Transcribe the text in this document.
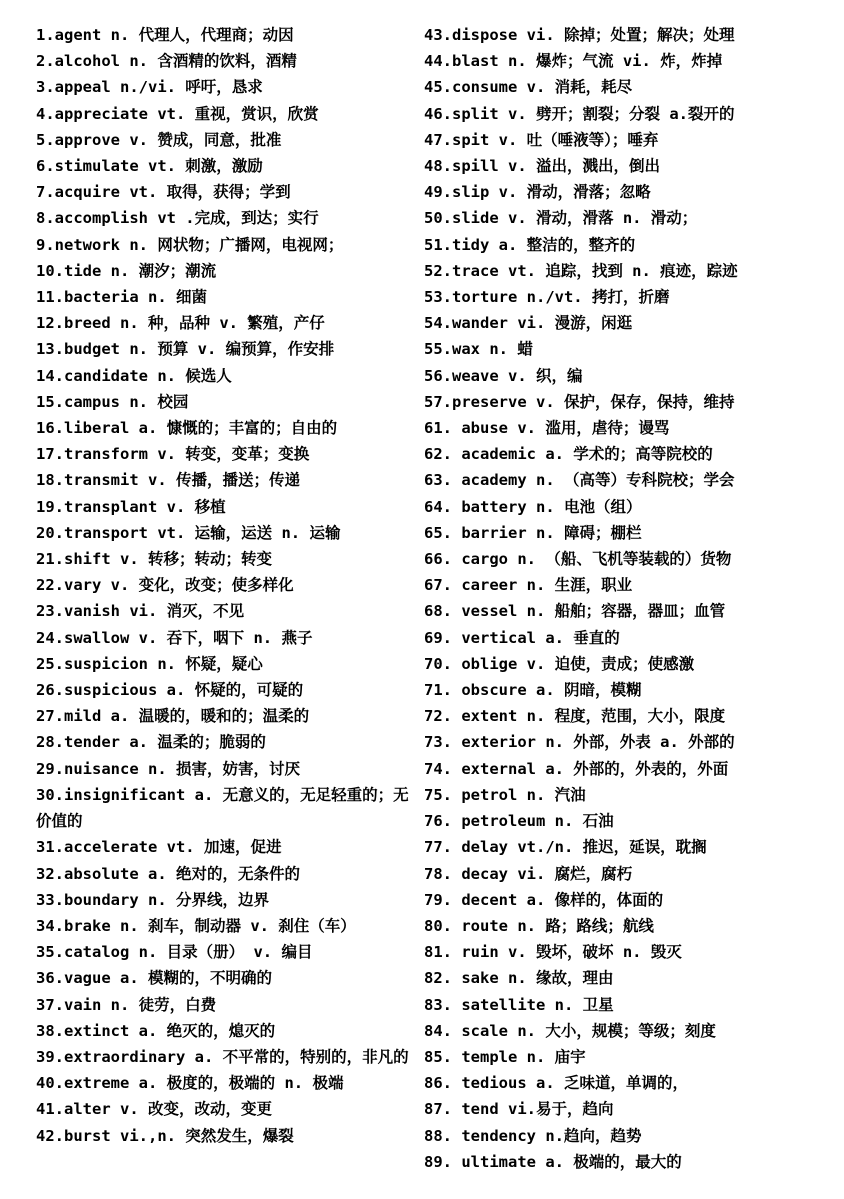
1.agent n. 代理人，代理商；动因

2.alcohol n. 含酒精的饮料，酒精

3.appeal n./vi. 呼吁，恳求

4.appreciate vt. 重视，赏识，欣赏

5.approve v. 赞成，同意，批准

6.stimulate vt. 刺激，激励

7.acquire vt. 取得，获得；学到

8.accomplish vt .完成，到达；实行

9.network n. 网状物；广播网，电视网；

10.tide n. 潮汐；潮流

11.bacteria n. 细菌

12.breed n. 种，品种 v. 繁殖，产仔

13.budget n. 预算 v. 编预算，作安排

14.candidate n. 候选人

15.campus n. 校园

16.liberal a. 慷慨的；丰富的；自由的

17.transform v. 转变，变革；变换

18.transmit v. 传播，播送；传递

19.transplant v. 移植

20.transport vt. 运输，运送 n. 运输

21.shift v. 转移；转动；转变

22.vary v. 变化，改变；使多样化

23.vanish vi. 消灭，不见

24.swallow v. 吞下，咽下 n. 燕子

25.suspicion n. 怀疑，疑心

26.suspicious a. 怀疑的，可疑的

27.mild a. 温暖的，暖和的；温柔的

28.tender a. 温柔的；脆弱的

29.nuisance n. 损害，妨害，讨厌

30.insignificant a. 无意义的，无足轻重的；无价值的

31.accelerate vt. 加速，促进

32.absolute a. 绝对的，无条件的

33.boundary n. 分界线，边界

34.brake n. 刹车，制动器 v. 刹住（车）

35.catalog n. 目录（册） v. 编目

36.vague a. 模糊的，不明确的

37.vain n. 徒劳，白费

38.extinct a. 绝灭的，熄灭的

39.extraordinary a. 不平常的，特别的，非凡的

40.extreme a. 极度的，极端的 n. 极端

41.alter v. 改变，改动，变更

42.burst vi.,n. 突然发生，爆裂

43.dispose vi. 除掉；处置；解决；处理

44.blast n. 爆炸；气流 vi. 炸，炸掉

45.consume v. 消耗，耗尽

46.split v. 劈开；割裂；分裂 a.裂开的

47.spit v. 吐（唾液等）；唾弃

48.spill v. 溢出，溅出，倒出

49.slip v. 滑动，滑落；忽略

50.slide v. 滑动，滑落 n. 滑动；

51.tidy a. 整洁的，整齐的

52.trace vt. 追踪，找到 n. 痕迹，踪迹

53.torture n./vt. 拷打，折磨

54.wander vi. 漫游，闲逛

55.wax n. 蜡

56.weave v. 织，编

57.preserve v. 保护，保存，保持，维持

61. abuse v. 滥用，虐待；谩骂

62. academic a. 学术的；高等院校的

63. academy n. （高等）专科院校；学会

64. battery n. 电池（组）

65. barrier n. 障碍；棚栏

66. cargo n. （船、飞机等装载的）货物

67. career n. 生涯，职业

68. vessel n. 船舶；容器，器皿；血管

69. vertical a. 垂直的

70. oblige v. 迫使，责成；使感激

71. obscure a. 阴暗，模糊

72. extent n. 程度，范围，大小，限度

73. exterior n. 外部，外表 a. 外部的

74. external a. 外部的，外表的，外面

75. petrol n. 汽油

76. petroleum n. 石油

77. delay vt./n. 推迟，延误，耽搁

78. decay vi. 腐烂，腐朽

79. decent a. 像样的，体面的

80. route n. 路；路线；航线

81. ruin v. 毁坏，破坏 n. 毁灭

82. sake n. 缘故，理由

83. satellite n. 卫星

84. scale n. 大小，规模；等级；刻度

85. temple n. 庙宇

86. tedious a. 乏味道，单调的，

87. tend vi.易于，趋向

88. tendency n.趋向，趋势

89. ultimate a. 极端的，最大的
